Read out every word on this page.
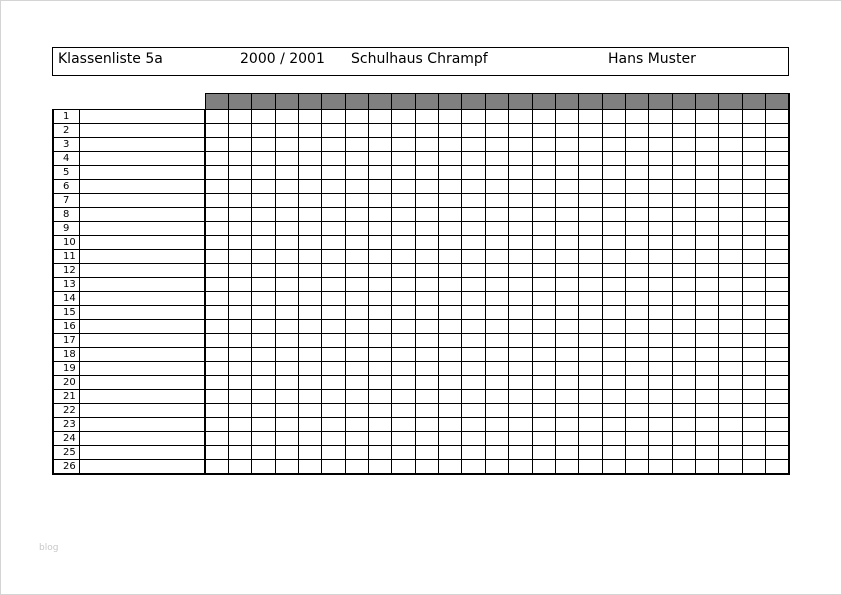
Klassenliste 5a	2000 / 2001 Schulhaus Chrampf	Hans Muster

1																										
2																										
3																										
4																										
5																										
6																										
7																										
8																										
9																										
10																										
11																										
12																										
13																										
14																										
15																										
16																										
17																										
18																										
19																										
20																										
21																										
22																										
23																										
24																										
25																										
26																										
blog
